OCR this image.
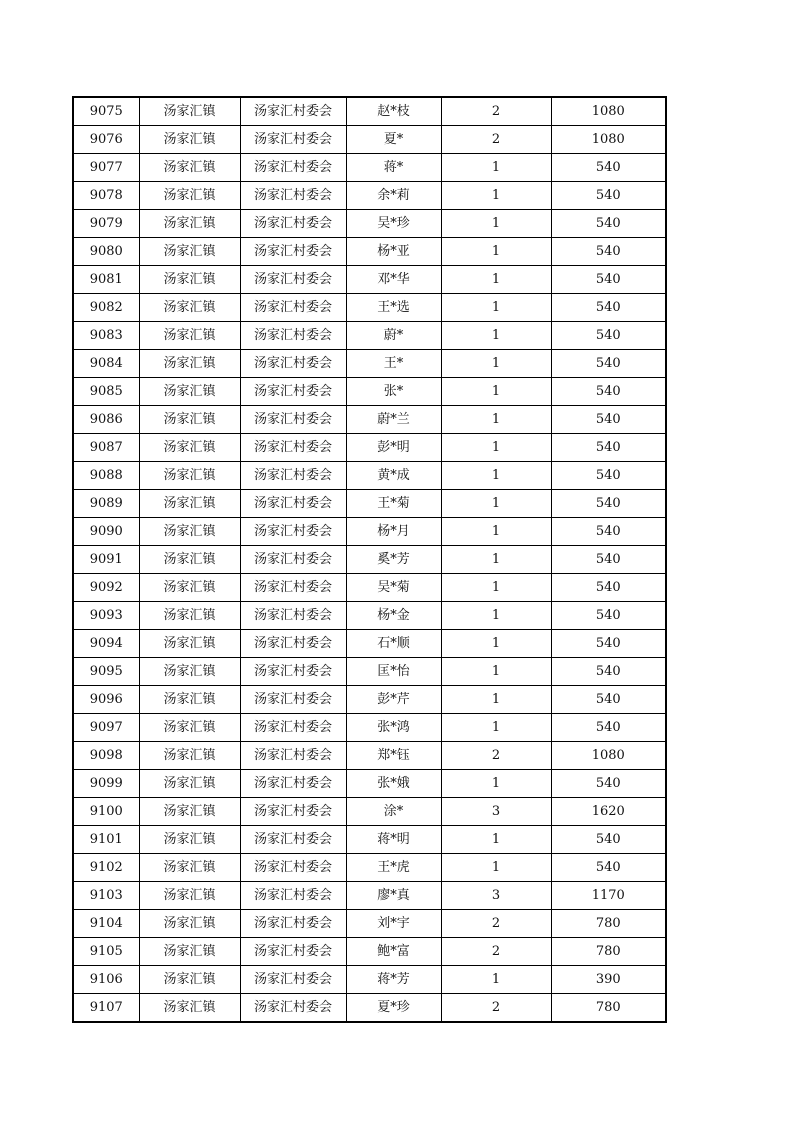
9075	汤家汇镇	汤家汇村委会	赵*枝	2	1080
9076	汤家汇镇	汤家汇村委会	夏*	2	1080
9077	汤家汇镇	汤家汇村委会	蒋*	1	540
9078	汤家汇镇	汤家汇村委会	余*莉	1	540
9079	汤家汇镇	汤家汇村委会	吴*珍	1	540
9080	汤家汇镇	汤家汇村委会	杨*亚	1	540
9081	汤家汇镇	汤家汇村委会	邓*华	1	540
9082	汤家汇镇	汤家汇村委会	王*选	1	540
9083	汤家汇镇	汤家汇村委会	蔚*	1	540
9084	汤家汇镇	汤家汇村委会	王*	1	540
9085	汤家汇镇	汤家汇村委会	张*	1	540
9086	汤家汇镇	汤家汇村委会	蔚*兰	1	540
9087	汤家汇镇	汤家汇村委会	彭*明	1	540
9088	汤家汇镇	汤家汇村委会	黄*成	1	540
9089	汤家汇镇	汤家汇村委会	王*菊	1	540
9090	汤家汇镇	汤家汇村委会	杨*月	1	540
9091	汤家汇镇	汤家汇村委会	奚*芳	1	540
9092	汤家汇镇	汤家汇村委会	吴*菊	1	540
9093	汤家汇镇	汤家汇村委会	杨*金	1	540
9094	汤家汇镇	汤家汇村委会	石*顺	1	540
9095	汤家汇镇	汤家汇村委会	匡*怡	1	540
9096	汤家汇镇	汤家汇村委会	彭*芹	1	540
9097	汤家汇镇	汤家汇村委会	张*鸿	1	540
9098	汤家汇镇	汤家汇村委会	郑*钰	2	1080
9099	汤家汇镇	汤家汇村委会	张*娥	1	540
9100	汤家汇镇	汤家汇村委会	涂*	3	1620
9101	汤家汇镇	汤家汇村委会	蒋*明	1	540
9102	汤家汇镇	汤家汇村委会	王*虎	1	540
9103	汤家汇镇	汤家汇村委会	廖*真	3	1170
9104	汤家汇镇	汤家汇村委会	刘*宇	2	780
9105	汤家汇镇	汤家汇村委会	鲍*富	2	780
9106	汤家汇镇	汤家汇村委会	蒋*芳	1	390
9107	汤家汇镇	汤家汇村委会	夏*珍	2	780
